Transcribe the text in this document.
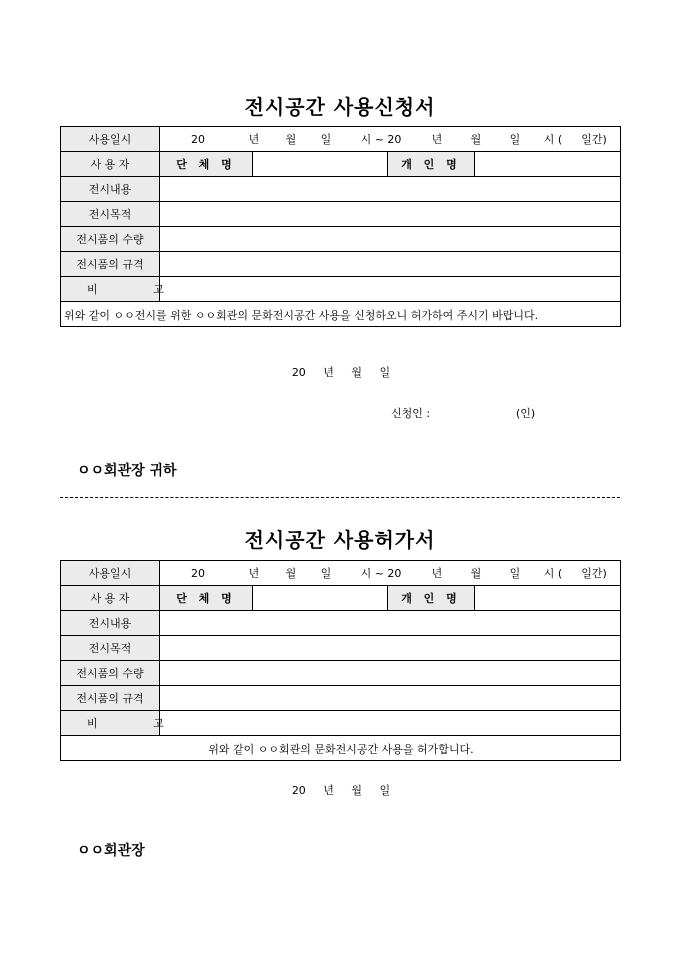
전시공간 사용신청서
사용일시	20 년 월 일 시 ~ 20 년 월 일 시 ( 일간)			
사 용 자	단 체 명		개 인 명	
전시내용				
전시목적				
전시품의 수량				
전시품의 규격				
비 고				

위와 같이 ㅇㅇ전시를 위한 ㅇㅇ회관의 문화전시공간 사용을 신청하오니 허가하여 주시기 바랍니다.
20 년 월 일
신청인 : (인)
ㅇㅇ회관장 귀하				
전시공간 사용허가서
사용일시	20 년 월 일 시 ~ 20 년 월 일 시 ( 일간)			
사 용 자	단 체 명		개 인 명	
전시내용				
전시목적				
전시품의 수량				
전시품의 규격				
비 고				

위와 같이 ㅇㅇ회관의 문화전시공간 사용을 허가합니다.
20 년 월 일
ㅇㅇ회관장				
